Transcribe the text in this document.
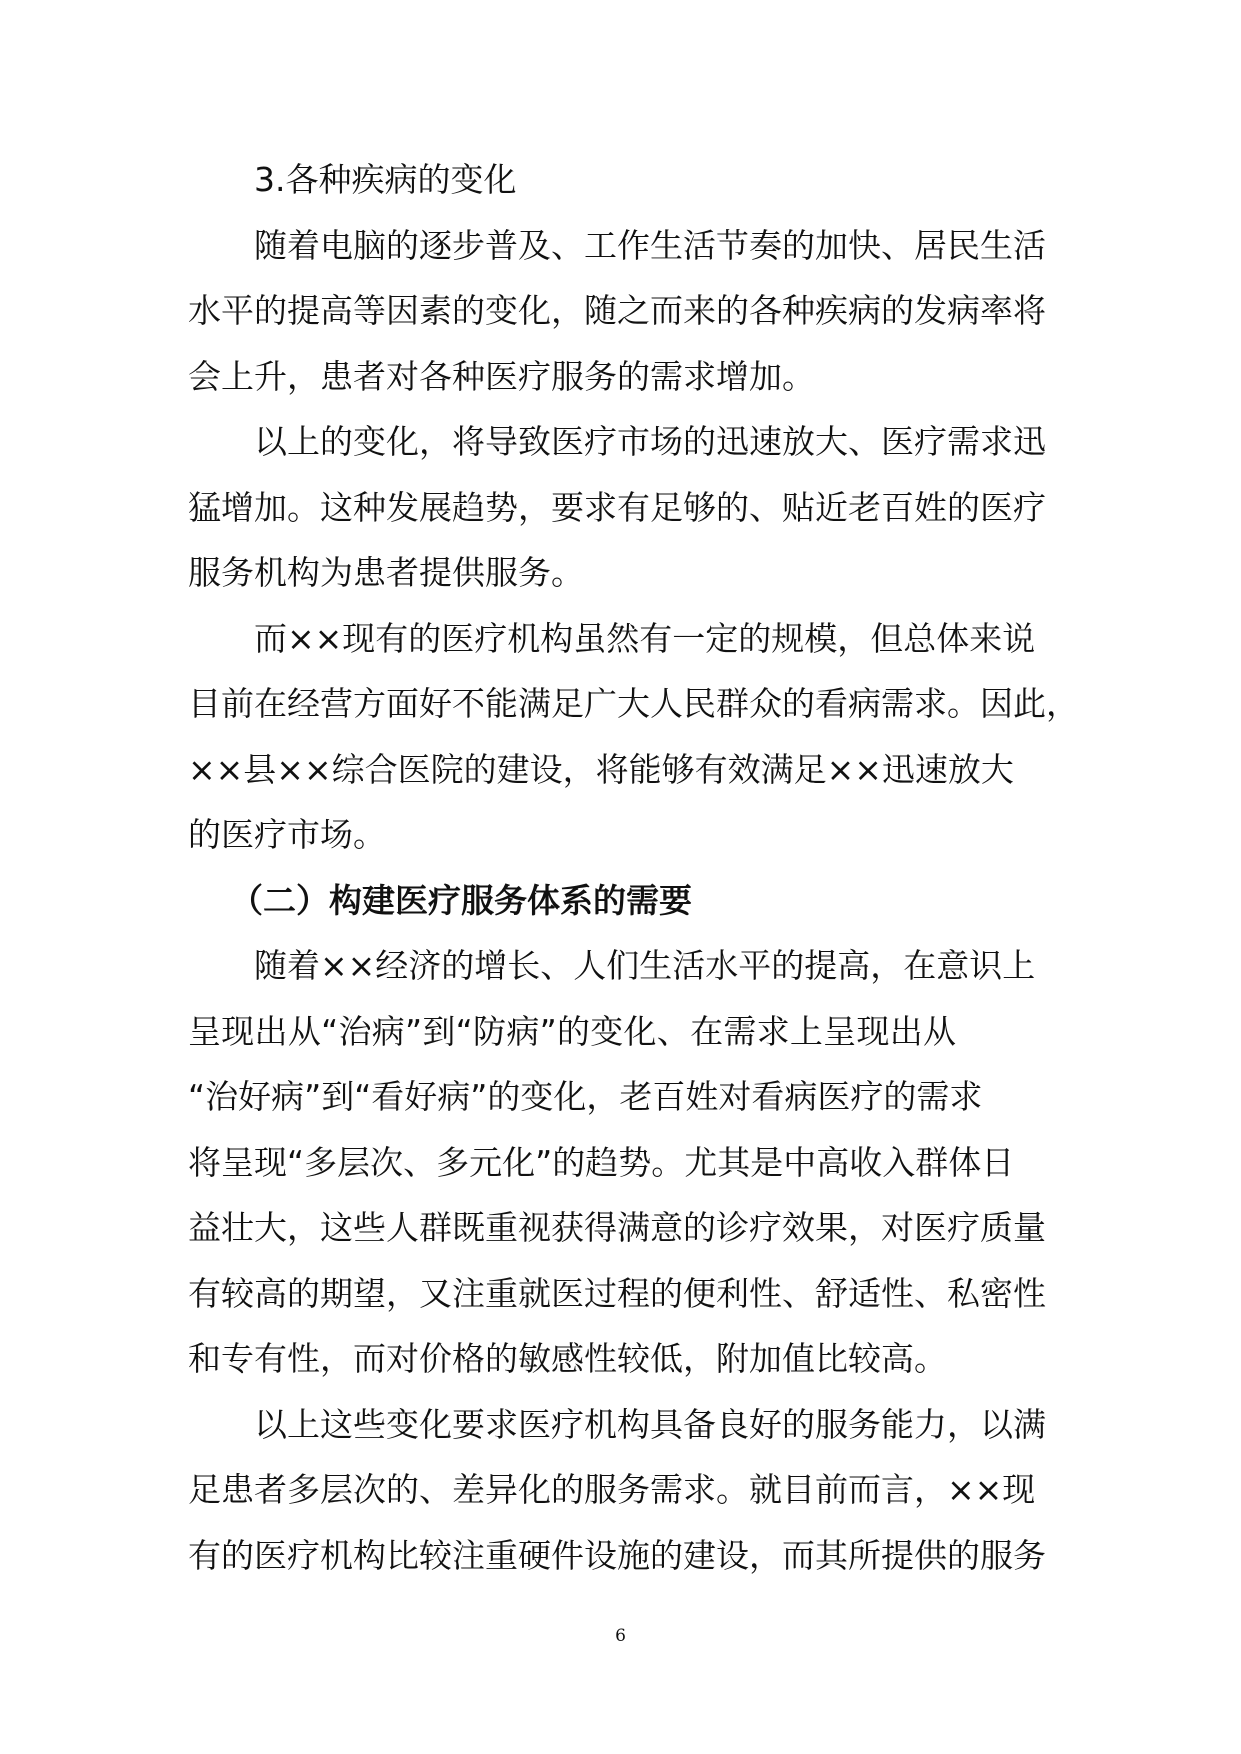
3.各种疾病的变化
随着电脑的逐步普及、工作生活节奏的加快、居民生活
水平的提高等因素的变化，随之而来的各种疾病的发病率将
会上升，患者对各种医疗服务的需求增加。
以上的变化，将导致医疗市场的迅速放大、医疗需求迅
猛增加。这种发展趋势，要求有足够的、贴近老百姓的医疗
服务机构为患者提供服务。
而××现有的医疗机构虽然有一定的规模，但总体来说
目前在经营方面好不能满足广大人民群众的看病需求。因此，
××县××综合医院的建设，将能够有效满足××迅速放大
的医疗市场。
（二）构建医疗服务体系的需要
随着××经济的增长、人们生活水平的提高，在意识上
呈现出从“治病”到“防病”的变化、在需求上呈现出从
“治好病”到“看好病”的变化，老百姓对看病医疗的需求
将呈现“多层次、多元化”的趋势。尤其是中高收入群体日
益壮大，这些人群既重视获得满意的诊疗效果，对医疗质量
有较高的期望，又注重就医过程的便利性、舒适性、私密性
和专有性，而对价格的敏感性较低，附加值比较高。
以上这些变化要求医疗机构具备良好的服务能力，以满
足患者多层次的、差异化的服务需求。就目前而言，××现
有的医疗机构比较注重硬件设施的建设，而其所提供的服务
6
